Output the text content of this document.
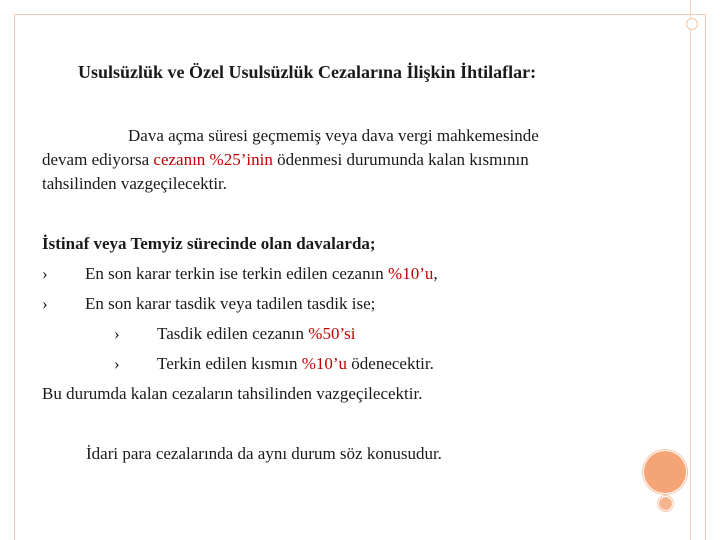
Usulsüzlük ve Özel Usulsüzlük Cezalarına İlişkin İhtilaflar:
Dava açma süresi geçmemiş veya dava vergi mahkemesinde
devam ediyorsa cezanın %25’inin ödenmesi durumunda kalan kısmının
tahsilinden vazgeçilecektir.
İstinaf veya Temyiz sürecinde olan davalarda;
› En son karar terkin ise terkin edilen cezanın %10’u,
› En son karar tasdik veya tadilen tasdik ise;
› Tasdik edilen cezanın %50’si
› Terkin edilen kısmın %10’u ödenecektir.
Bu durumda kalan cezaların tahsilinden vazgeçilecektir.
İdari para cezalarında da aynı durum söz konusudur.
